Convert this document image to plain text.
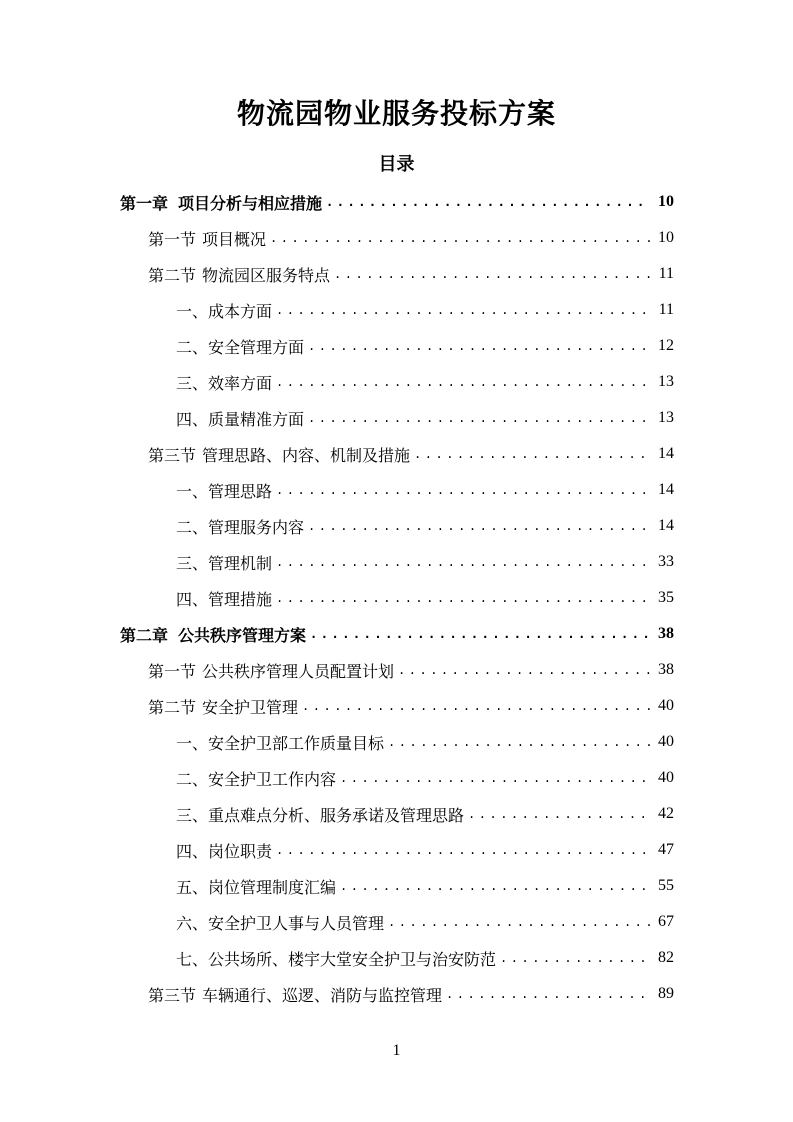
物流园物业服务投标方案
目录
第一章 项目分析与相应措施 .....	10
第一节 项目概况 .....	10
第二节 物流园区服务特点 .....	11
一、成本方面 .....	11
二、安全管理方面 .....	12
三、效率方面 .....	13
四、质量精准方面 .....	13
第三节 管理思路、内容、机制及措施 .....	14
一、管理思路 .....	14
二、管理服务内容 .....	14
三、管理机制 .....	33
四、管理措施 .....	35
第二章 公共秩序管理方案 .....	38
第一节 公共秩序管理人员配置计划 .....	38
第二节 安全护卫管理 .....	40
一、安全护卫部工作质量目标 .....	40
二、安全护卫工作内容 .....	40
三、重点难点分析、服务承诺及管理思路 .....	42
四、岗位职责 .....	47
五、岗位管理制度汇编 .....	55
六、安全护卫人事与人员管理 .....	67
七、公共场所、楼宇大堂安全护卫与治安防范 .....	82
第三节 车辆通行、巡逻、消防与监控管理 .....	89
1
